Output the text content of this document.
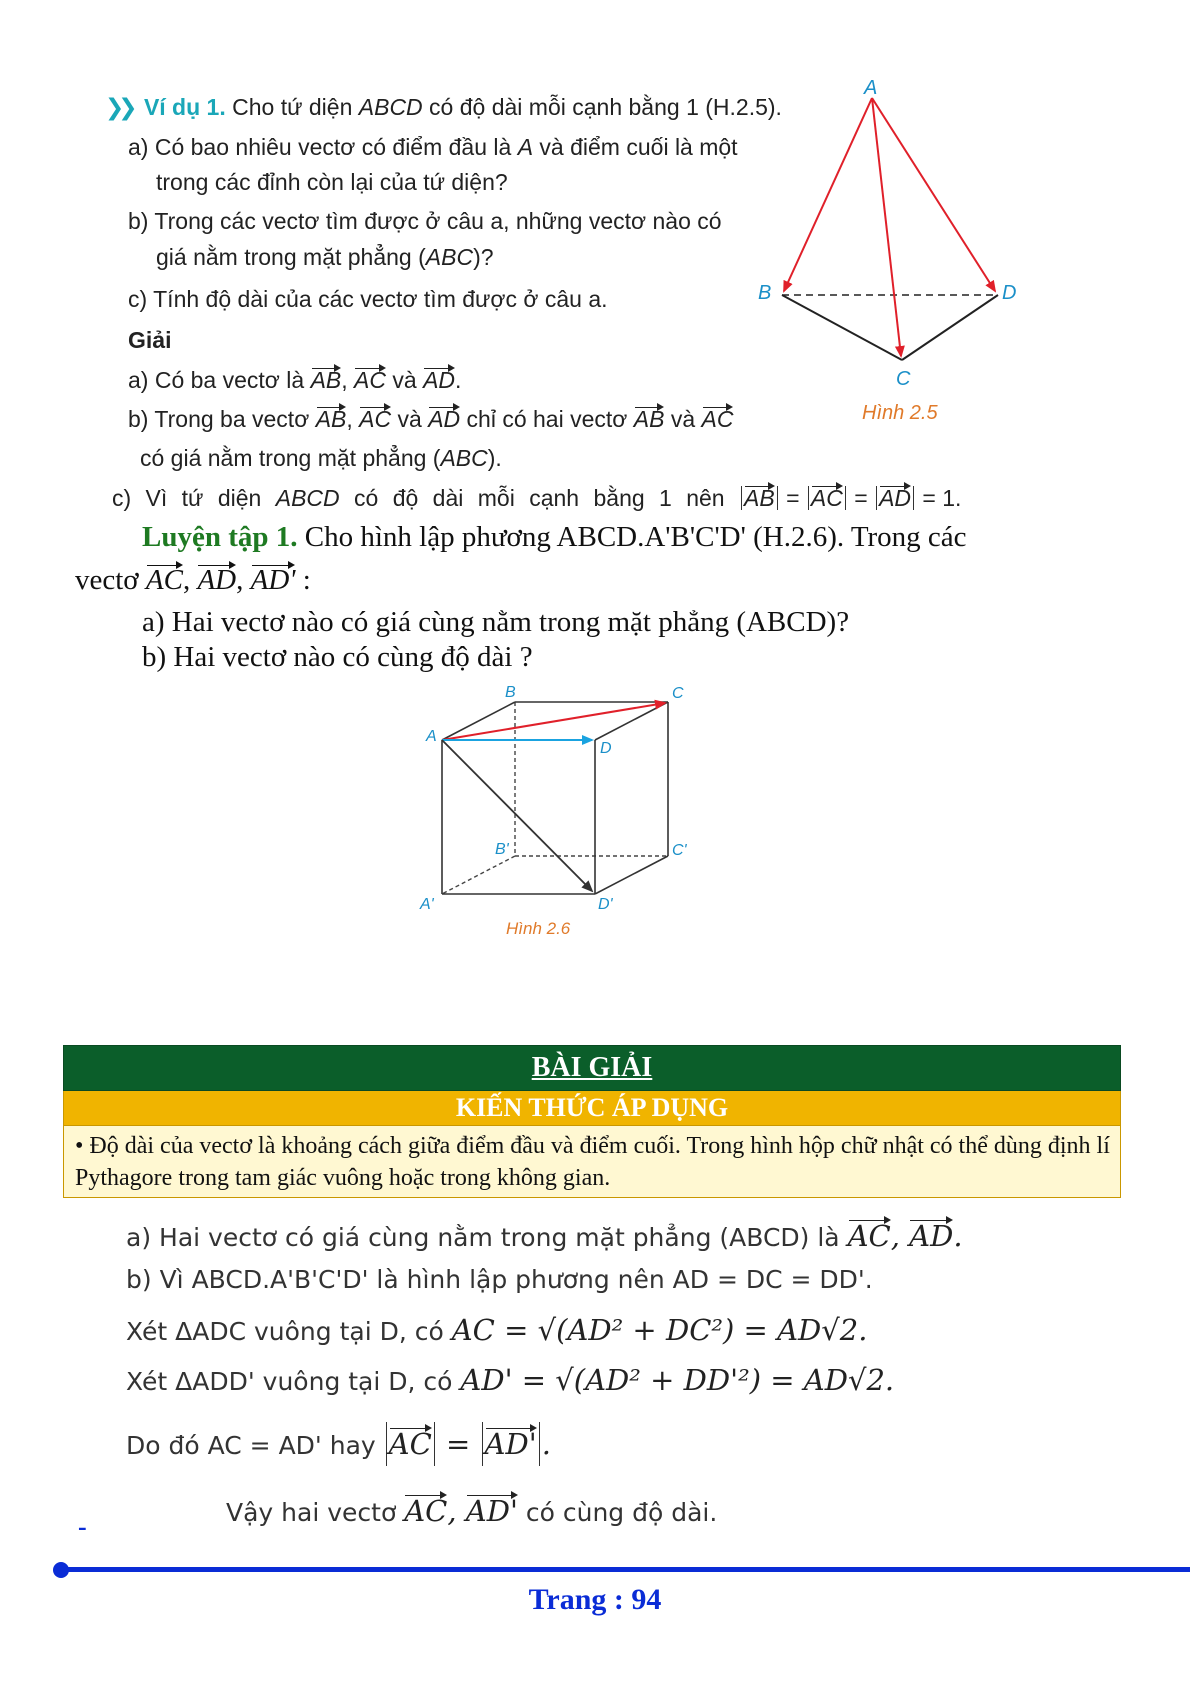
❯❯ Ví dụ 1. Cho tứ diện ABCD có độ dài mỗi cạnh bằng 1 (H.2.5).
a) Có bao nhiêu vectơ có điểm đầu là A và điểm cuối là một
trong các đỉnh còn lại của tứ diện?
b) Trong các vectơ tìm được ở câu a, những vectơ nào có
giá nằm trong mặt phẳng (ABC)?
c) Tính độ dài của các vectơ tìm được ở câu a.
Giải
a) Có ba vectơ là AB, AC và AD.
b) Trong ba vectơ AB, AC và AD chỉ có hai vectơ AB và AC
có giá nằm trong mặt phẳng (ABC).
c) Vì tứ diện ABCD có độ dài mỗi cạnh bằng 1 nên AB = AC = AD = 1.
A
B
C
D
Hình 2.5
Luyện tập 1. Cho hình lập phương ABCD.A'B'C'D' (H.2.6). Trong các
vectơ AC, AD, AD' :
a) Hai vectơ nào có giá cùng nằm trong mặt phẳng (ABCD)?
b) Hai vectơ nào có cùng độ dài ?
B	C
A
D
B'	C'
A'	D'
Hình 2.6
BÀI GIẢI
KIẾN THỨC ÁP DỤNG
• Độ dài của vectơ là khoảng cách giữa điểm đầu và điểm cuối. Trong hình hộp chữ nhật có thể dùng định lí Pythagore trong tam giác vuông hoặc trong không gian.
a) Hai vectơ có giá cùng nằm trong mặt phẳng (ABCD) là AC, AD.
b) Vì ABCD.A'B'C'D' là hình lập phương nên AD = DC = DD'.
Xét ΔADC vuông tại D, có AC = √(AD² + DC²) = AD√2.
Xét ΔADD' vuông tại D, có AD' = √(AD² + DD'²) = AD√2.
Do đó AC = AD' hay AC = AD' .
Vậy hai vectơ AC, AD' có cùng độ dài.
-
Trang : 94
